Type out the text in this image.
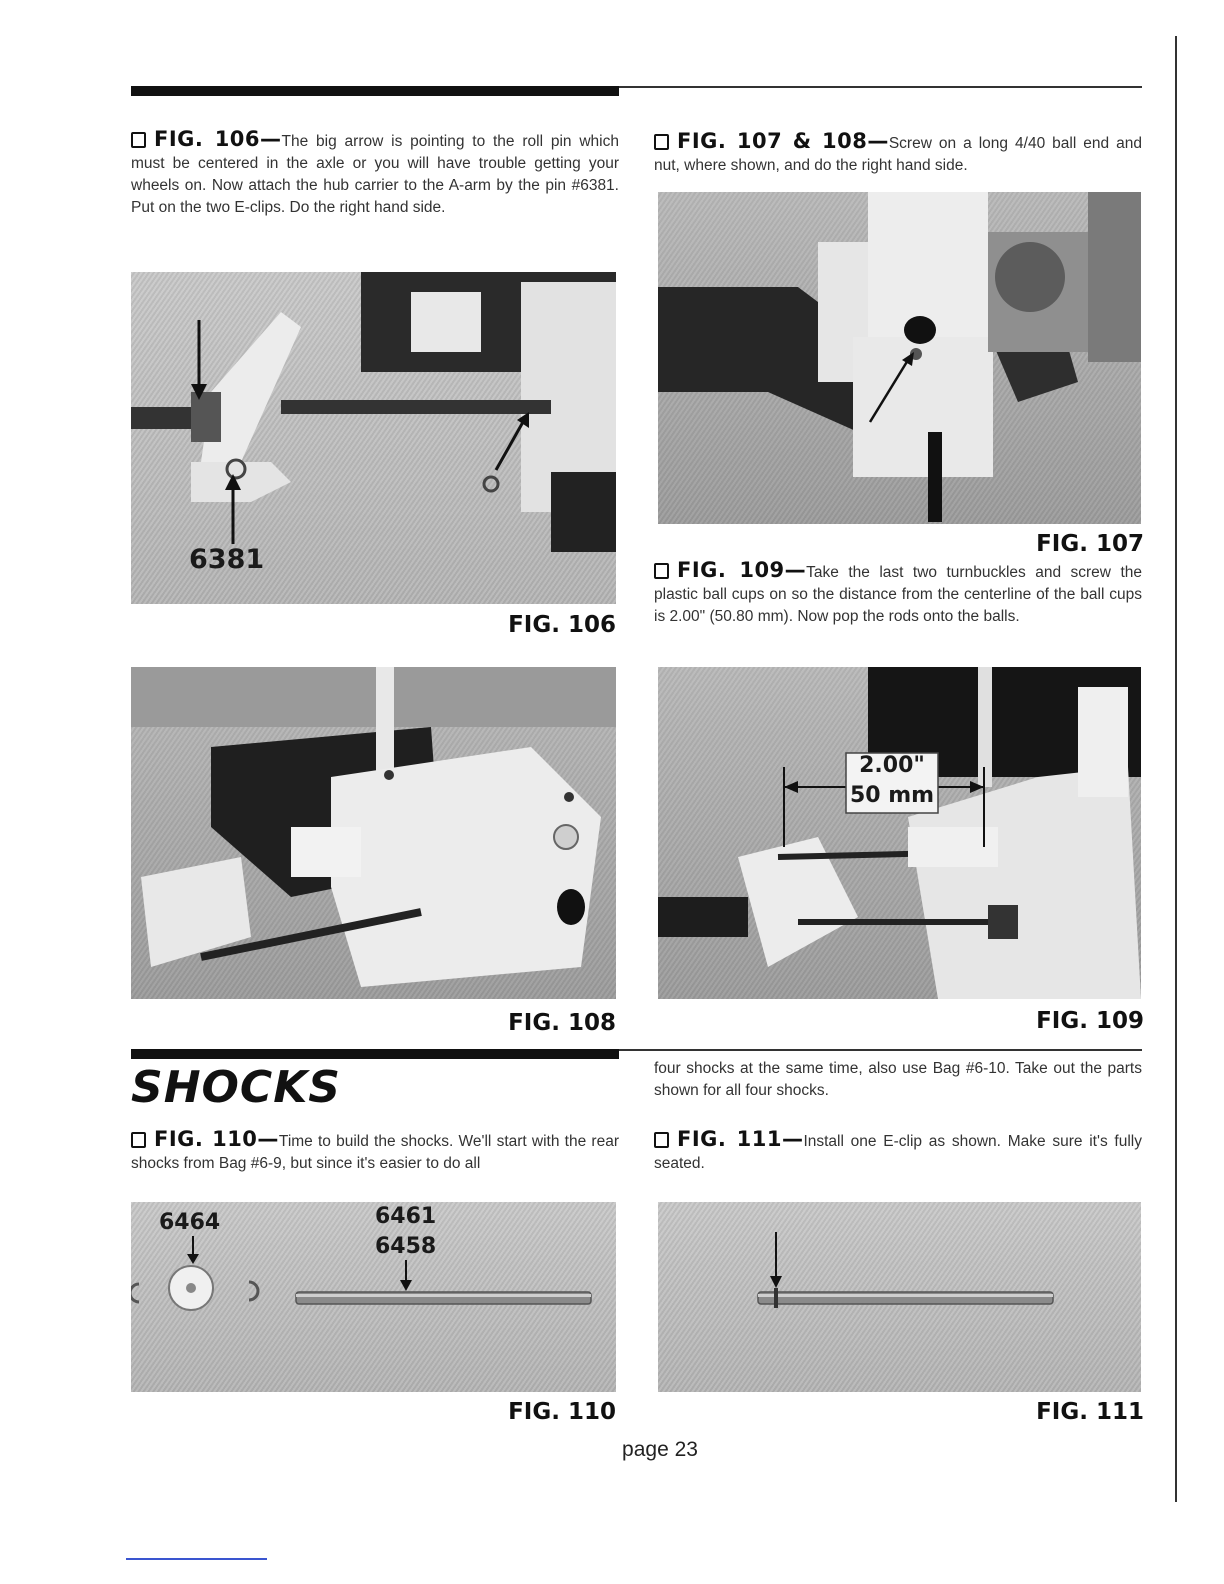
FIG. 106—The big arrow is pointing to the roll pin which must be centered in the axle or you will have trouble getting your wheels on. Now attach the hub carrier to the A-arm by the pin #6381. Put on the two E-clips. Do the right hand side.
FIG. 107 & 108—Screw on a long 4/40 ball end and nut, where shown, and do the right hand side.
6381
FIG. 106
FIG. 107
FIG. 109—Take the last two turnbuckles and screw the plastic ball cups on so the distance from the centerline of the ball cups is 2.00" (50.80 mm). Now pop the rods onto the balls.
FIG. 108
2.00"
50 mm
FIG. 109
SHOCKS
FIG. 110—Time to build the shocks. We'll start with the rear shocks from Bag #6-9, but since it's easier to do all
four shocks at the same time, also use Bag #6-10. Take out the parts shown for all four shocks.
FIG. 111—Install one E-clip as shown. Make sure it's fully seated.
6464	6461
6458
FIG. 110	FIG. 111
page 23
